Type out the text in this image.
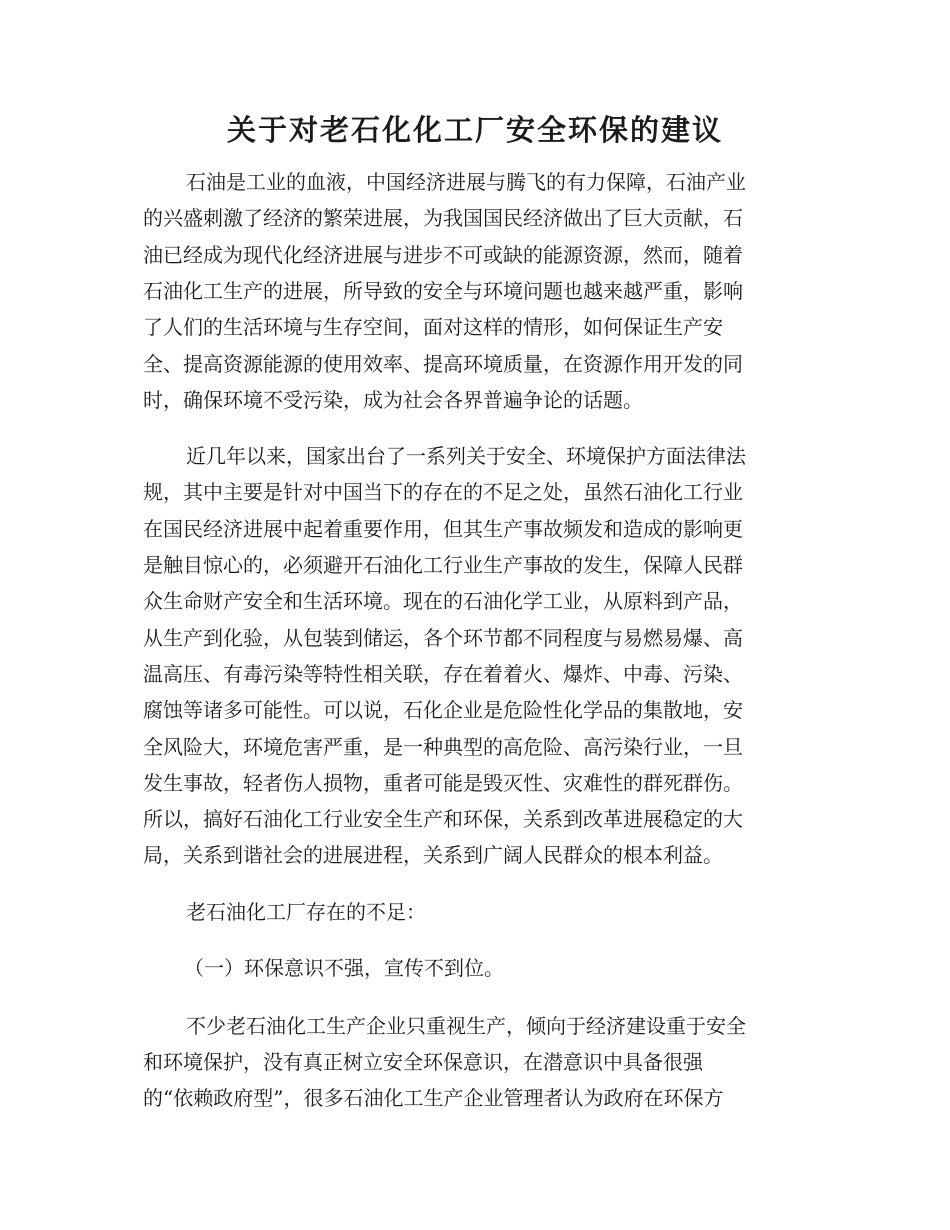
关于对老石化化工厂安全环保的建议
石油是工业的血液，中国经济进展与腾飞的有力保障，石油产业
的兴盛刺激了经济的繁荣进展，为我国国民经济做出了巨大贡献，石
油已经成为现代化经济进展与进步不可或缺的能源资源，然而，随着
石油化工生产的进展，所导致的安全与环境问题也越来越严重，影响
了人们的生活环境与生存空间，面对这样的情形，如何保证生产安
全、提高资源能源的使用效率、提高环境质量，在资源作用开发的同
时，确保环境不受污染，成为社会各界普遍争论的话题。
近几年以来，国家出台了一系列关于安全、环境保护方面法律法
规，其中主要是针对中国当下的存在的不足之处，虽然石油化工行业
在国民经济进展中起着重要作用，但其生产事故频发和造成的影响更
是触目惊心的，必须避开石油化工行业生产事故的发生，保障人民群
众生命财产安全和生活环境。现在的石油化学工业，从原料到产品，
从生产到化验，从包装到储运，各个环节都不同程度与易燃易爆、高
温高压、有毒污染等特性相关联，存在着着火、爆炸、中毒、污染、
腐蚀等诸多可能性。可以说，石化企业是危险性化学品的集散地，安
全风险大，环境危害严重，是一种典型的高危险、高污染行业，一旦
发生事故，轻者伤人损物，重者可能是毁灭性、灾难性的群死群伤。
所以，搞好石油化工行业安全生产和环保，关系到改革进展稳定的大
局，关系到谐社会的进展进程，关系到广阔人民群众的根本利益。
老石油化工厂存在的不足：
（一）环保意识不强，宣传不到位。
不少老石油化工生产企业只重视生产，倾向于经济建设重于安全
和环境保护，没有真正树立安全环保意识，在潜意识中具备很强
的“依赖政府型”，很多石油化工生产企业管理者认为政府在环保方
